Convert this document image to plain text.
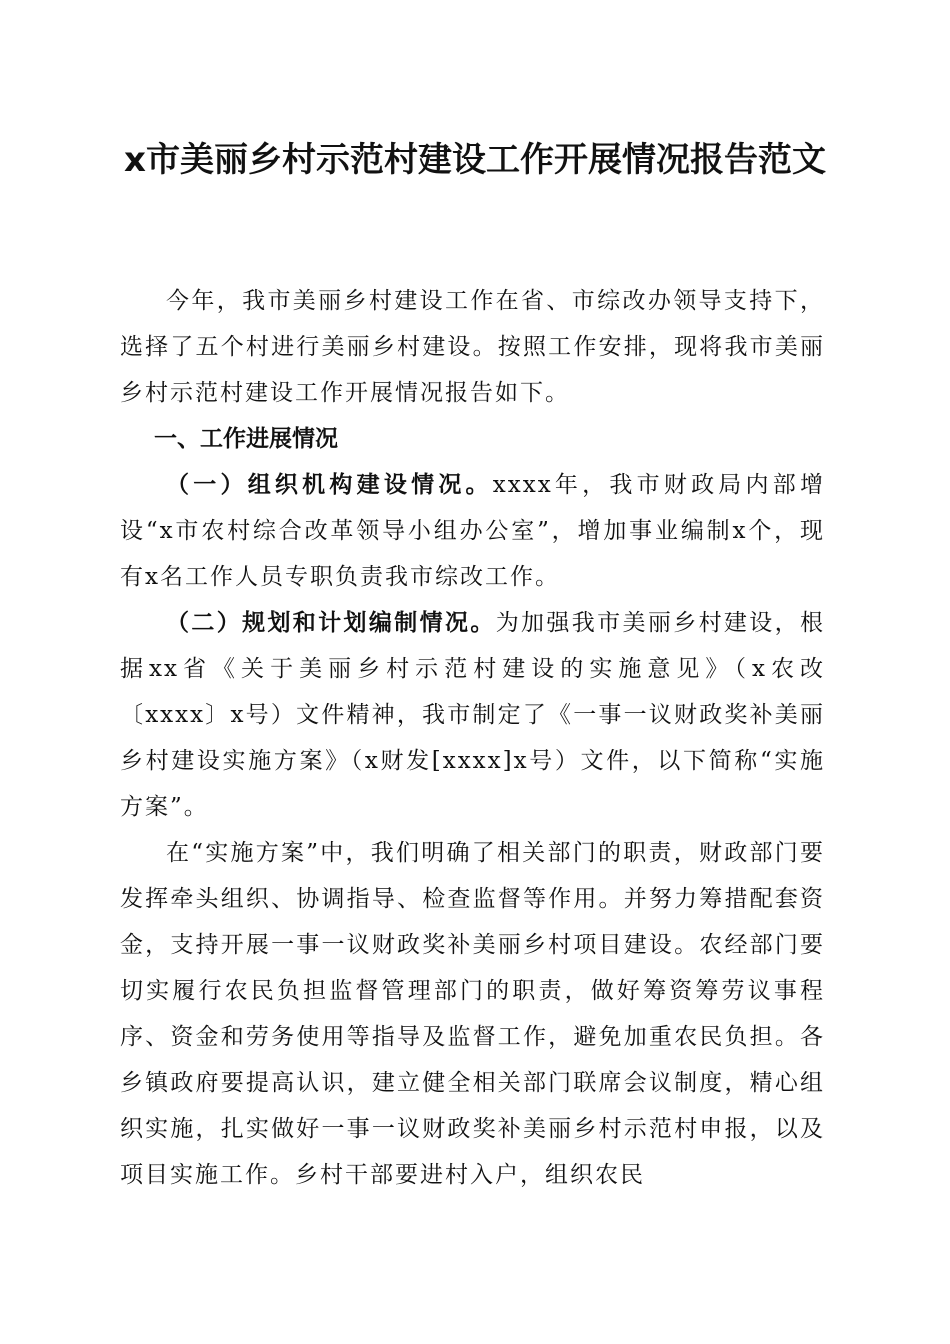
x市美丽乡村示范村建设工作开展情况报告范文

今年，我市美丽乡村建设工作在省、市综改办领导支持下，选择了五个村进行美丽乡村建设。按照工作安排，现将我市美丽乡村示范村建设工作开展情况报告如下。

一、工作进展情况

（一）组织机构建设情况。xxxx年，我市财政局内部增设“x市农村综合改革领导小组办公室”，增加事业编制x个，现有x名工作人员专职负责我市综改工作。

（二）规划和计划编制情况。为加强我市美丽乡村建设，根据xx省《关于美丽乡村示范村建设的实施意见》（x农改〔xxxx〕x号）文件精神，我市制定了《一事一议财政奖补美丽乡村建设实施方案》（x财发[xxxx]x号）文件，以下简称“实施方案”。

在“实施方案”中，我们明确了相关部门的职责，财政部门要发挥牵头组织、协调指导、检查监督等作用。并努力筹措配套资金，支持开展一事一议财政奖补美丽乡村项目建设。农经部门要切实履行农民负担监督管理部门的职责，做好筹资筹劳议事程序、资金和劳务使用等指导及监督工作，避免加重农民负担。各乡镇政府要提高认识，建立健全相关部门联席会议制度，精心组织实施，扎实做好一事一议财政奖补美丽乡村示范村申报，以及项目实施工作。乡村干部要进村入户，组织农民
